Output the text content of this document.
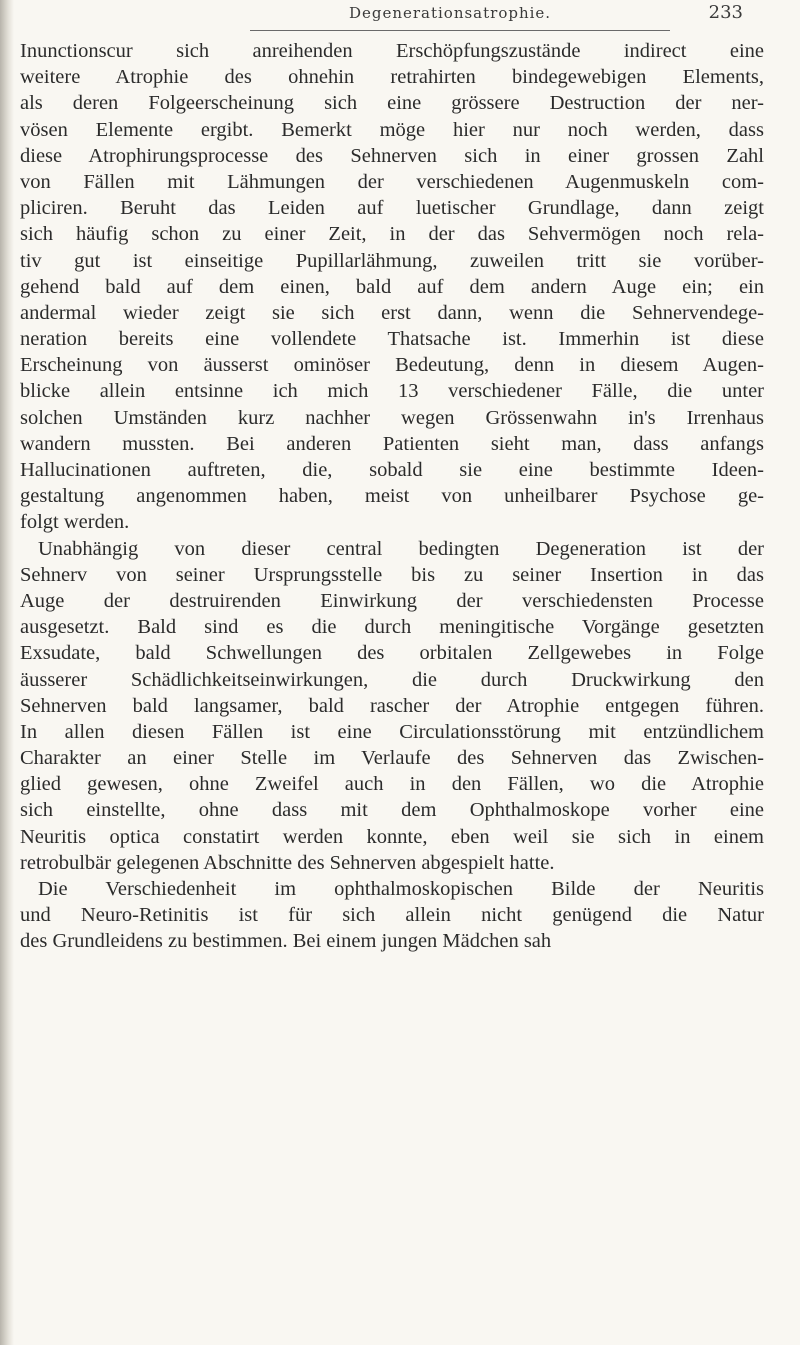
Degenerationsatrophie.	233
Inunctionscur sich anreihenden Erschöpfungszustände indirect eine
weitere Atrophie des ohnehin retrahirten bindegewebigen Elements,
als deren Folgeerscheinung sich eine grössere Destruction der ner-
vösen Elemente ergibt. Bemerkt möge hier nur noch werden, dass
diese Atrophirungsprocesse des Sehnerven sich in einer grossen Zahl
von Fällen mit Lähmungen der verschiedenen Augenmuskeln com-
pliciren. Beruht das Leiden auf luetischer Grundlage, dann zeigt
sich häufig schon zu einer Zeit, in der das Sehvermögen noch rela-
tiv gut ist einseitige Pupillarlähmung, zuweilen tritt sie vorüber-
gehend bald auf dem einen, bald auf dem andern Auge ein; ein
andermal wieder zeigt sie sich erst dann, wenn die Sehnervendege-
neration bereits eine vollendete Thatsache ist. Immerhin ist diese
Erscheinung von äusserst ominöser Bedeutung, denn in diesem Augen-
blicke allein entsinne ich mich 13 verschiedener Fälle, die unter
solchen Umständen kurz nachher wegen Grössenwahn in's Irrenhaus
wandern mussten. Bei anderen Patienten sieht man, dass anfangs
Hallucinationen auftreten, die, sobald sie eine bestimmte Ideen-
gestaltung angenommen haben, meist von unheilbarer Psychose ge-
folgt werden.
Unabhängig von dieser central bedingten Degeneration ist der
Sehnerv von seiner Ursprungsstelle bis zu seiner Insertion in das
Auge der destruirenden Einwirkung der verschiedensten Processe
ausgesetzt. Bald sind es die durch meningitische Vorgänge gesetzten
Exsudate, bald Schwellungen des orbitalen Zellgewebes in Folge
äusserer Schädlichkeitseinwirkungen, die durch Druckwirkung den
Sehnerven bald langsamer, bald rascher der Atrophie entgegen führen.
In allen diesen Fällen ist eine Circulationsstörung mit entzündlichem
Charakter an einer Stelle im Verlaufe des Sehnerven das Zwischen-
glied gewesen, ohne Zweifel auch in den Fällen, wo die Atrophie
sich einstellte, ohne dass mit dem Ophthalmoskope vorher eine
Neuritis optica constatirt werden konnte, eben weil sie sich in einem
retrobulbär gelegenen Abschnitte des Sehnerven abgespielt hatte.
Die Verschiedenheit im ophthalmoskopischen Bilde der Neuritis
und Neuro-Retinitis ist für sich allein nicht genügend die Natur
des Grundleidens zu bestimmen. Bei einem jungen Mädchen sah
